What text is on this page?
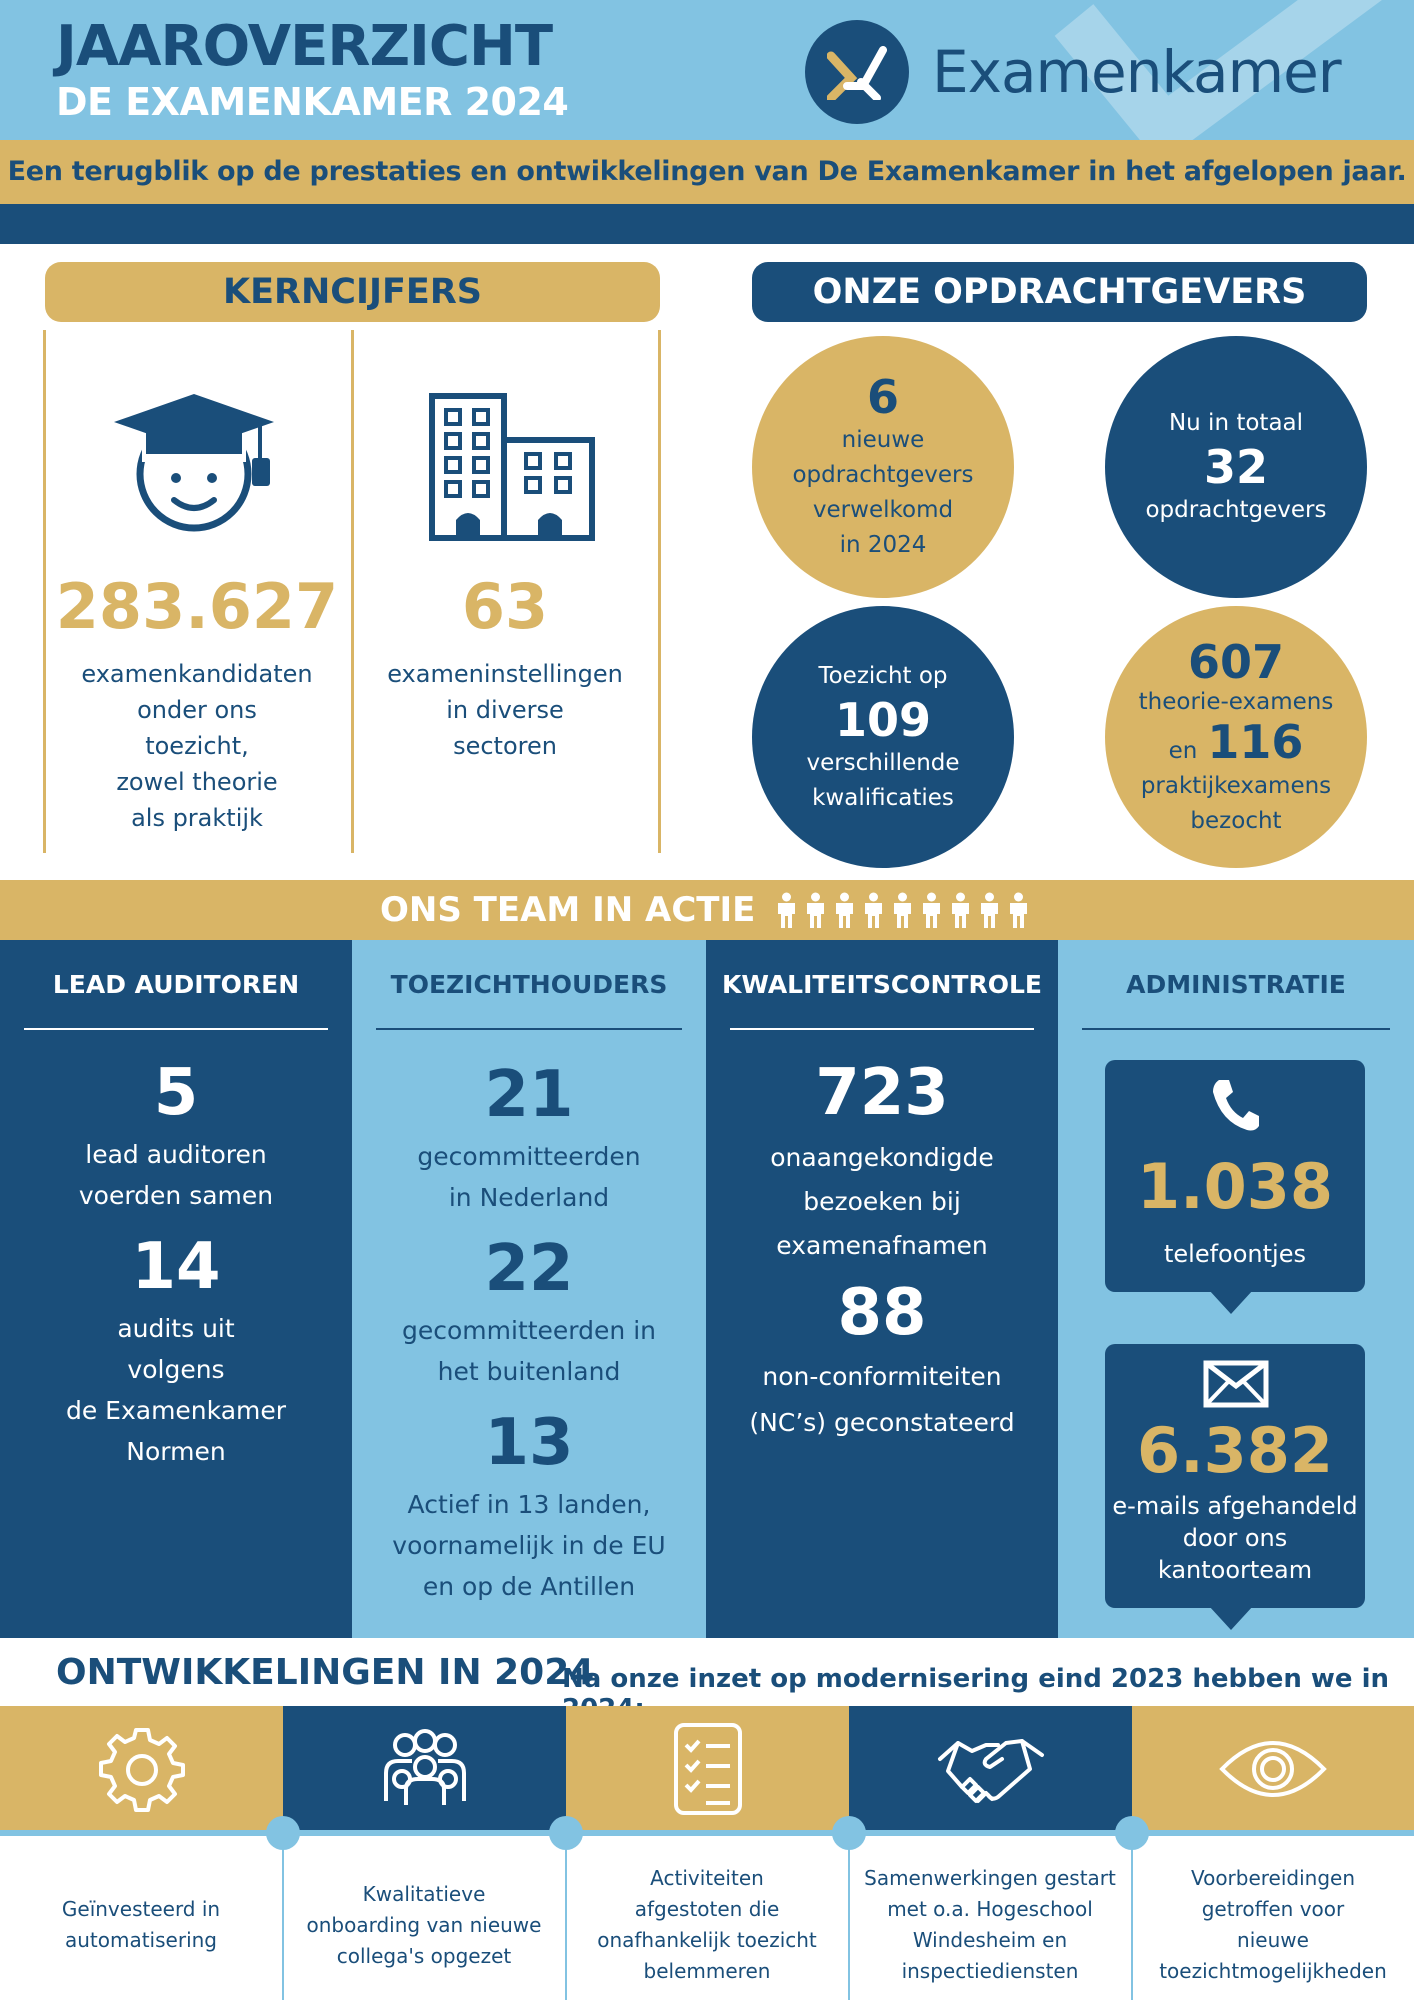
JAAROVERZICHT
DE EXAMENKAMER 2024	Examenkamer
Een terugblik op de prestaties en ontwikkelingen van De Examenkamer in het afgelopen jaar.
KERNCIJFERS	ONZE OPDRACHTGEVERS
283.627
examenkandidaten
onder ons
toezicht,
zowel theorie
als praktijk
63
exameninstellingen
in diverse
sectoren
6
nieuwe
opdrachtgevers
verwelkomd
in 2024
Nu in totaal
32
opdrachtgevers
Toezicht op
109
verschillende
kwalificaties
607
theorie-examens
en 116
praktijkexamens
bezocht
ONS TEAM IN ACTIE
LEAD AUDITOREN
5
lead auditoren
voerden samen
14
audits uit
volgens
de Examenkamer
Normen
TOEZICHTHOUDERS
21
gecommitteerden
in Nederland
22
gecommitteerden in
het buitenland
13
Actief in 13 landen,
voornamelijk in de EU
en op de Antillen
KWALITEITSCONTROLE
723
onaangekondigde
bezoeken bij
examenafnamen
88
non-conformiteiten
(NC’s) geconstateerd
ADMINISTRATIE
1.038
telefoontjes
6.382
e-mails afgehandeld
door ons
kantoorteam
ONTWIKKELINGEN IN 2024
Na onze inzet op modernisering eind 2023 hebben we in
Geïnvesteerd in
automatisering
Kwalitatieve
onboarding van nieuwe
collega's opgezet
Activiteiten
afgestoten die
onafhankelijk toezicht
belemmeren
Samenwerkingen gestart
met o.a. Hogeschool
Windesheim en
inspectiediensten
Voorbereidingen
getroffen voor
nieuwe
toezichtmogelijkheden
